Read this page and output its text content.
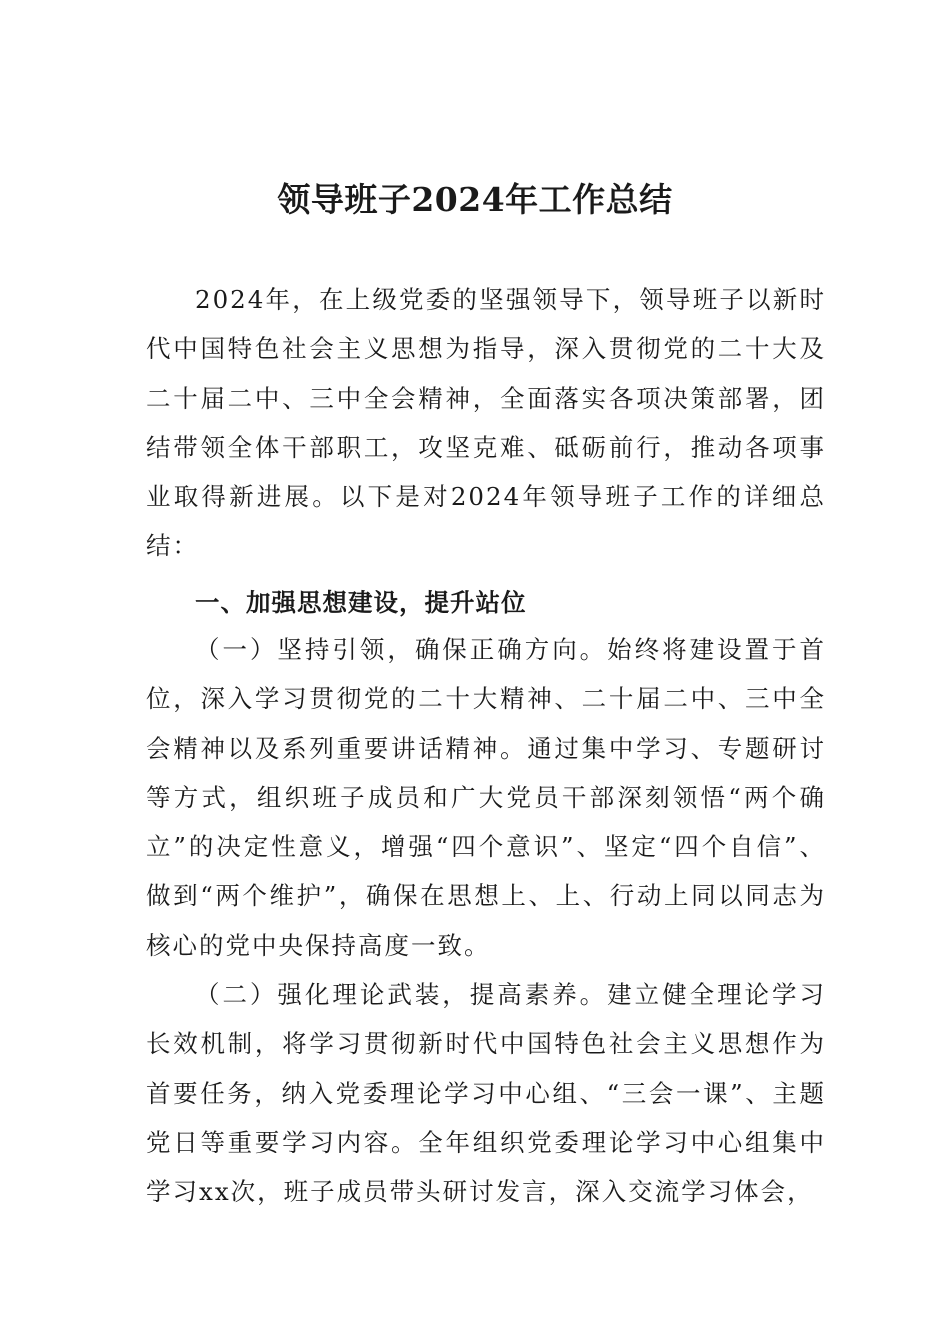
领导班子2024年工作总结

2024年，在上级党委的坚强领导下，领导班子以新时代中国特色社会主义思想为指导，深入贯彻党的二十大及二十届二中、三中全会精神，全面落实各项决策部署，团结带领全体干部职工，攻坚克难、砥砺前行，推动各项事业取得新进展。以下是对2024年领导班子工作的详细总结：

一、加强思想建设，提升站位

（一）坚持引领，确保正确方向。始终将建设置于首位，深入学习贯彻党的二十大精神、二十届二中、三中全会精神以及系列重要讲话精神。通过集中学习、专题研讨等方式，组织班子成员和广大党员干部深刻领悟“两个确立”的决定性意义，增强“四个意识”、坚定“四个自信”、做到“两个维护”，确保在思想上、上、行动上同以同志为核心的党中央保持高度一致。

（二）强化理论武装，提高素养。建立健全理论学习长效机制，将学习贯彻新时代中国特色社会主义思想作为首要任务，纳入党委理论学习中心组、“三会一课”、主题党日等重要学习内容。全年组织党委理论学习中心组集中学习xx次，班子成员带头研讨发言，深入交流学习体会，
